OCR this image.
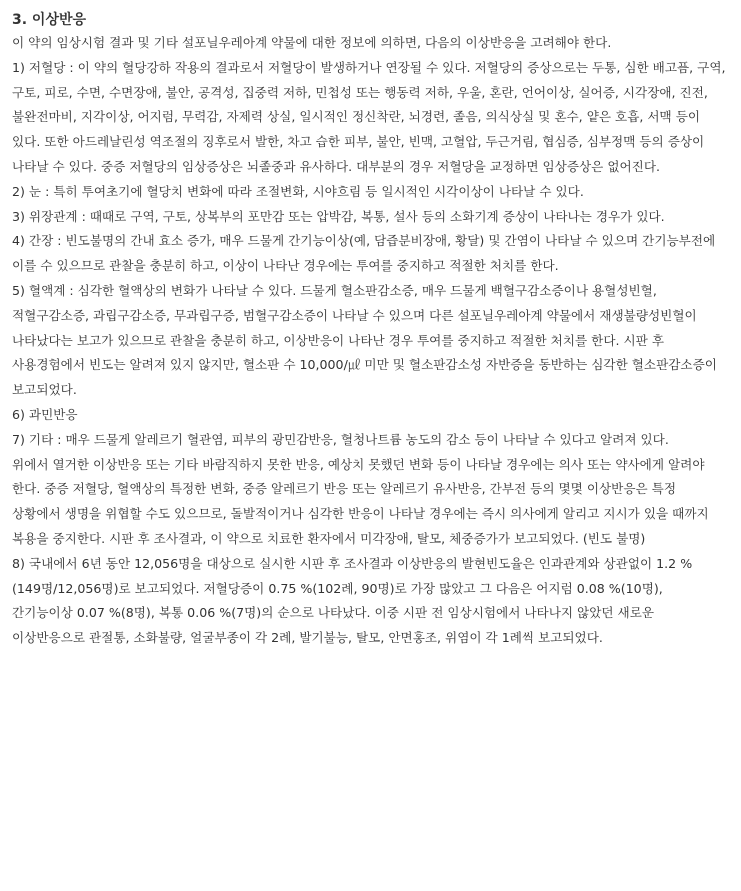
3. 이상반응

이 약의 임상시험 결과 및 기타 설포닐우레아계 약물에 대한 정보에 의하면, 다음의 이상반응을 고려해야 한다.

1) 저혈당 : 이 약의 혈당강하 작용의 결과로서 저혈당이 발생하거나 연장될 수 있다. 저혈당의 증상으로는 두통, 심한 배고픔, 구역, 구토, 피로, 수면, 수면장애, 불안, 공격성, 집중력 저하, 민첩성 또는 행동력 저하, 우울, 혼란, 언어이상, 실어증, 시각장애, 진전, 불완전마비, 지각이상, 어지럼, 무력감, 자제력 상실, 일시적인 정신착란, 뇌경련, 졸음, 의식상실 및 혼수, 얕은 호흡, 서맥 등이 있다. 또한 아드레날린성 역조절의 징후로서 발한, 차고 습한 피부, 불안, 빈맥, 고혈압, 두근거림, 협심증, 심부정맥 등의 증상이 나타날 수 있다. 중증 저혈당의 임상증상은 뇌졸중과 유사하다. 대부분의 경우 저혈당을 교정하면 임상증상은 없어진다.

2) 눈 : 특히 투여초기에 혈당치 변화에 따라 조절변화, 시야흐림 등 일시적인 시각이상이 나타날 수 있다.

3) 위장관계 : 때때로 구역, 구토, 상복부의 포만감 또는 압박감, 복통, 설사 등의 소화기계 증상이 나타나는 경우가 있다.

4) 간장 : 빈도불명의 간내 효소 증가, 매우 드물게 간기능이상(예, 담즙분비장애, 황달) 및 간염이 나타날 수 있으며 간기능부전에 이를 수 있으므로 관찰을 충분히 하고, 이상이 나타난 경우에는 투여를 중지하고 적절한 처치를 한다.

5) 혈액계 : 심각한 혈액상의 변화가 나타날 수 있다. 드물게 혈소판감소증, 매우 드물게 백혈구감소증이나 용혈성빈혈, 적혈구감소증, 과립구감소증, 무과립구증, 범혈구감소증이 나타날 수 있으며 다른 설포닐우레아계 약물에서 재생불량성빈혈이 나타났다는 보고가 있으므로 관찰을 충분히 하고, 이상반응이 나타난 경우 투여를 중지하고 적절한 처치를 한다. 시판 후 사용경험에서 빈도는 알려져 있지 않지만, 혈소판 수 10,000/㎕ 미만 및 혈소판감소성 자반증을 동반하는 심각한 혈소판감소증이 보고되었다.

6) 과민반응

7) 기타 : 매우 드물게 알레르기 혈관염, 피부의 광민감반응, 혈청나트륨 농도의 감소 등이 나타날 수 있다고 알려져 있다.

위에서 열거한 이상반응 또는 기타 바람직하지 못한 반응, 예상치 못했던 변화 등이 나타날 경우에는 의사 또는 약사에게 알려야 한다. 중증 저혈당, 혈액상의 특정한 변화, 중증 알레르기 반응 또는 알레르기 유사반응, 간부전 등의 몇몇 이상반응은 특정 상황에서 생명을 위협할 수도 있으므로, 돌발적이거나 심각한 반응이 나타날 경우에는 즉시 의사에게 알리고 지시가 있을 때까지 복용을 중지한다. 시판 후 조사결과, 이 약으로 치료한 환자에서 미각장애, 탈모, 체중증가가 보고되었다. (빈도 불명)

8) 국내에서 6년 동안 12,056명을 대상으로 실시한 시판 후 조사결과 이상반응의 발현빈도율은 인과관계와 상관없이 1.2 %(149명/12,056명)로 보고되었다. 저혈당증이 0.75 %(102례, 90명)로 가장 많았고 그 다음은 어지럼 0.08 %(10명), 간기능이상 0.07 %(8명), 복통 0.06 %(7명)의 순으로 나타났다. 이중 시판 전 임상시험에서 나타나지 않았던 새로운 이상반응으로 관절통, 소화불량, 얼굴부종이 각 2례, 발기불능, 탈모, 안면홍조, 위염이 각 1례씩 보고되었다.
